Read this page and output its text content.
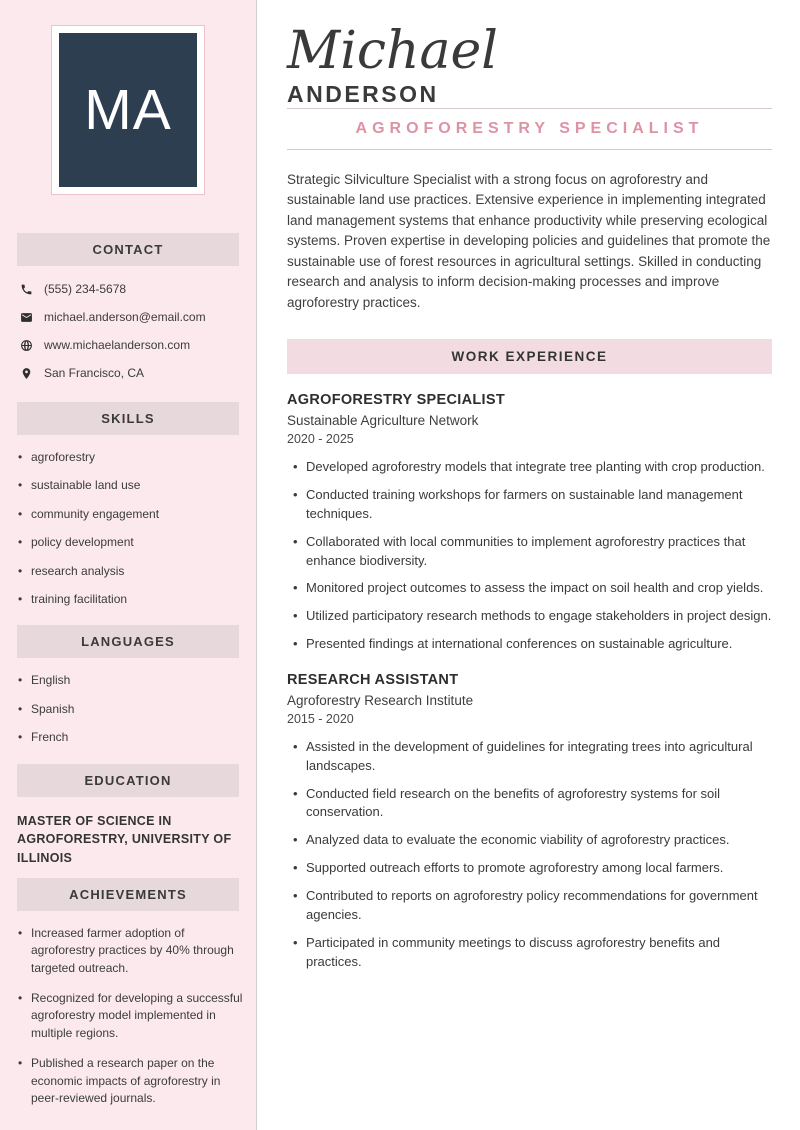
MA
CONTACT
(555) 234-5678
michael.anderson@email.com
www.michaelanderson.com
San Francisco, CA
SKILLS
• agroforestry
• sustainable land use
• community engagement
• policy development
• research analysis
• training facilitation
LANGUAGES
• English
• Spanish
• French
EDUCATION
MASTER OF SCIENCE IN AGROFORESTRY, UNIVERSITY OF ILLINOIS
ACHIEVEMENTS
• Increased farmer adoption of agroforestry practices by 40% through targeted outreach.
• Recognized for developing a successful agroforestry model implemented in multiple regions.
• Published a research paper on the economic impacts of agroforestry in peer-reviewed journals.
Michael
ANDERSON
AGROFORESTRY SPECIALIST

Strategic Silviculture Specialist with a strong focus on agroforestry and sustainable land use practices. Extensive experience in implementing integrated land management systems that enhance productivity while preserving ecological systems. Proven expertise in developing policies and guidelines that promote the sustainable use of forest resources in agricultural settings. Skilled in conducting research and analysis to inform decision-making processes and improve agroforestry practices.

WORK EXPERIENCE
AGROFORESTRY SPECIALIST
Sustainable Agriculture Network
2020 - 2025
• Developed agroforestry models that integrate tree planting with crop production.
• Conducted training workshops for farmers on sustainable land management techniques.
• Collaborated with local communities to implement agroforestry practices that enhance biodiversity.
• Monitored project outcomes to assess the impact on soil health and crop yields.
• Utilized participatory research methods to engage stakeholders in project design.
• Presented findings at international conferences on sustainable agriculture.
RESEARCH ASSISTANT
Agroforestry Research Institute
2015 - 2020
• Assisted in the development of guidelines for integrating trees into agricultural landscapes.
• Conducted field research on the benefits of agroforestry systems for soil conservation.
• Analyzed data to evaluate the economic viability of agroforestry practices.
• Supported outreach efforts to promote agroforestry among local farmers.
• Contributed to reports on agroforestry policy recommendations for government agencies.
• Participated in community meetings to discuss agroforestry benefits and practices.
